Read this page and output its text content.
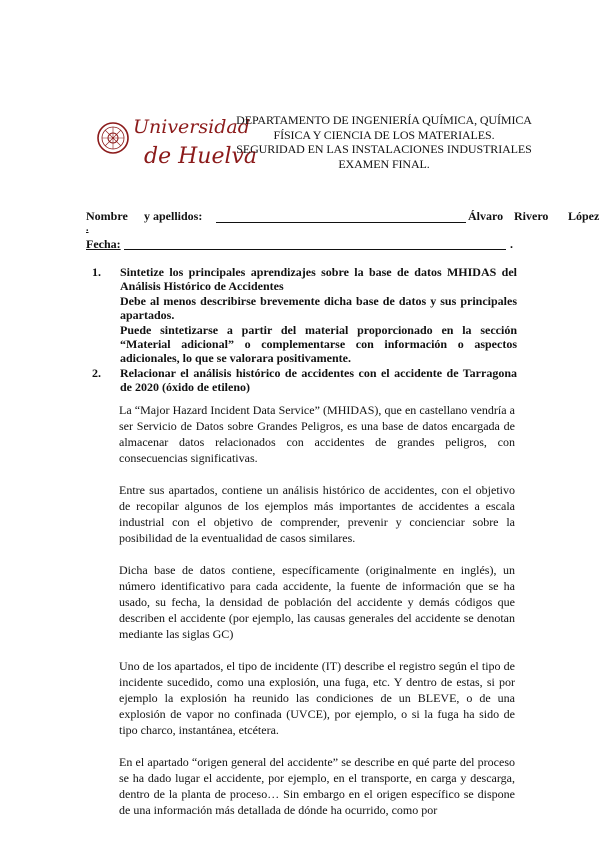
Universidad
de Huelva
DEPARTAMENTO DE INGENIERÍA QUÍMICA, QUÍMICA
FÍSICA Y CIENCIA DE LOS MATERIALES.
SEGURIDAD EN LAS INSTALACIONES INDUSTRIALES
EXAMEN FINAL.
Nombre y apellidos:	Álvaro Rivero López
.
Fecha:	.
1. Sintetize los principales aprendizajes sobre la base de datos MHIDAS del Análisis Histórico de Accidentes

Debe al menos describirse brevemente dicha base de datos y sus principales apartados.

Puede sintetizarse a partir del material proporcionado en la sección “Material adicional” o complementarse con información o aspectos adicionales, lo que se valorara positivamente.

2. Relacionar el análisis histórico de accidentes con el accidente de Tarragona de 2020 (óxido de etileno)

La “Major Hazard Incident Data Service” (MHIDAS), que en castellano vendría a ser Servicio de Datos sobre Grandes Peligros, es una base de datos encargada de almacenar datos relacionados con accidentes de grandes peligros, con consecuencias significativas.

Entre sus apartados, contiene un análisis histórico de accidentes, con el objetivo de recopilar algunos de los ejemplos más importantes de accidentes a escala industrial con el objetivo de comprender, prevenir y concienciar sobre la posibilidad de la eventualidad de casos similares.

Dicha base de datos contiene, específicamente (originalmente en inglés), un número identificativo para cada accidente, la fuente de información que se ha usado, su fecha, la densidad de población del accidente y demás códigos que describen el accidente (por ejemplo, las causas generales del accidente se denotan mediante las siglas GC)

Uno de los apartados, el tipo de incidente (IT) describe el registro según el tipo de incidente sucedido, como una explosión, una fuga, etc. Y dentro de estas, si por ejemplo la explosión ha reunido las condiciones de un BLEVE, o de una explosión de vapor no confinada (UVCE), por ejemplo, o si la fuga ha sido de tipo charco, instantánea, etcétera.

En el apartado “origen general del accidente” se describe en qué parte del proceso se ha dado lugar el accidente, por ejemplo, en el transporte, en carga y descarga, dentro de la planta de proceso… Sin embargo en el origen específico se dispone de una información más detallada de dónde ha ocurrido, como por
